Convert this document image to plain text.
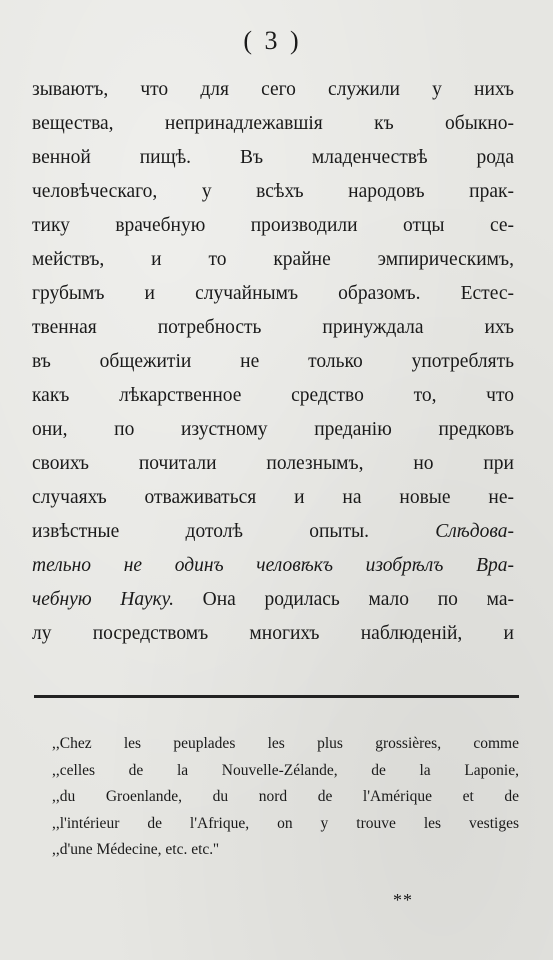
( 3 )
зываютъ, что для сего служили у нихъ
вещества, непринадлежавшія къ обыкно-
венной пищѣ. Въ младенчествѣ рода
человѣческаго, у всѣхъ народовъ прак-
тику врачебную производили отцы се-
мействъ, и то крайне эмпирическимъ,
грубымъ и случайнымъ образомъ. Естес-
твенная потребность принуждала ихъ
въ общежитіи не только употреблять
какъ лѣкарственное средство то, что
они, по изустному преданію предковъ
своихъ почитали полезнымъ, но при
случаяхъ отваживаться и на новые не-
извѣстные дотолѣ опыты. Слѣдова-
тельно не одинъ человѣкъ изобрѣлъ Вра-
чебную Науку. Она родилась мало по ма-
лу посредствомъ многихъ наблюденій, и
,,Chez les peuplades les plus grossières, comme
,,celles de la Nouvelle-Zélande, de la Laponie,
,,du Groenlande, du nord de l'Amérique et de
,,l'intérieur de l'Afrique, on y trouve les vestiges
,,d'une Médecine, etc. etc.''
**
